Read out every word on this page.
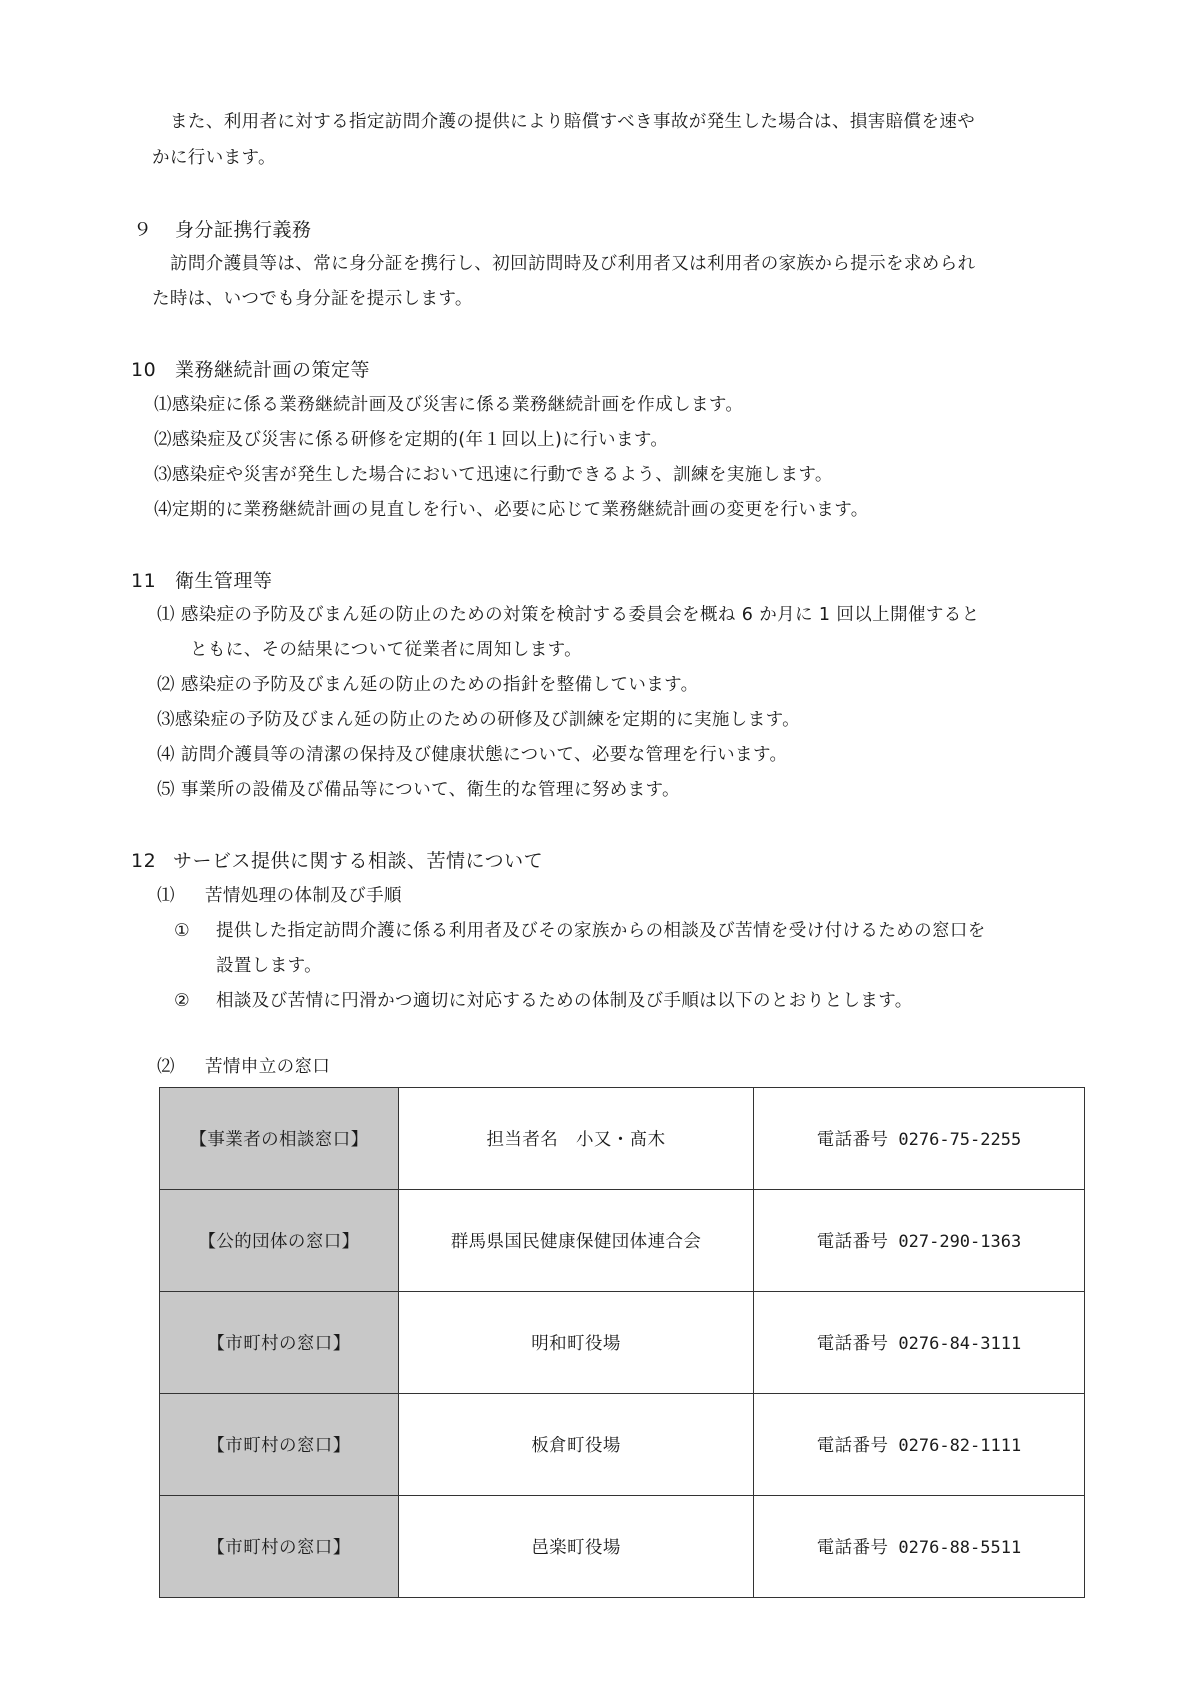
また、利用者に対する指定訪問介護の提供により賠償すべき事故が発生した場合は、損害賠償を速や
かに行います。
９ 身分証携行義務
訪問介護員等は、常に身分証を携行し、初回訪問時及び利用者又は利用者の家族から提示を求められ
た時は、いつでも身分証を提示します。
10 業務継続計画の策定等
⑴感染症に係る業務継続計画及び災害に係る業務継続計画を作成します。
⑵感染症及び災害に係る研修を定期的(年１回以上)に行います。
⑶感染症や災害が発生した場合において迅速に行動できるよう、訓練を実施します。
⑷定期的に業務継続計画の見直しを行い、必要に応じて業務継続計画の変更を行います。
11 衛生管理等
⑴ 感染症の予防及びまん延の防止のための対策を検討する委員会を概ね 6 か月に 1 回以上開催すると
ともに、その結果について従業者に周知します。
⑵ 感染症の予防及びまん延の防止のための指針を整備しています。
⑶感染症の予防及びまん延の防止のための研修及び訓練を定期的に実施します。
⑷ 訪問介護員等の清潔の保持及び健康状態について、必要な管理を行います。
⑸ 事業所の設備及び備品等について、衛生的な管理に努めます。
12 サービス提供に関する相談、苦情について
⑴ 苦情処理の体制及び手順
① 提供した指定訪問介護に係る利用者及びその家族からの相談及び苦情を受け付けるための窓口を
設置します。
② 相談及び苦情に円滑かつ適切に対応するための体制及び手順は以下のとおりとします。
⑵ 苦情申立の窓口
【事業者の相談窓口】	担当者名　小又・髙木	電話番号 0276-75-2255
【公的団体の窓口】	群馬県国民健康保健団体連合会	電話番号 027-290-1363
【市町村の窓口】	明和町役場	電話番号 0276-84-3111
【市町村の窓口】	板倉町役場	電話番号 0276-82-1111
【市町村の窓口】	邑楽町役場	電話番号 0276-88-5511
